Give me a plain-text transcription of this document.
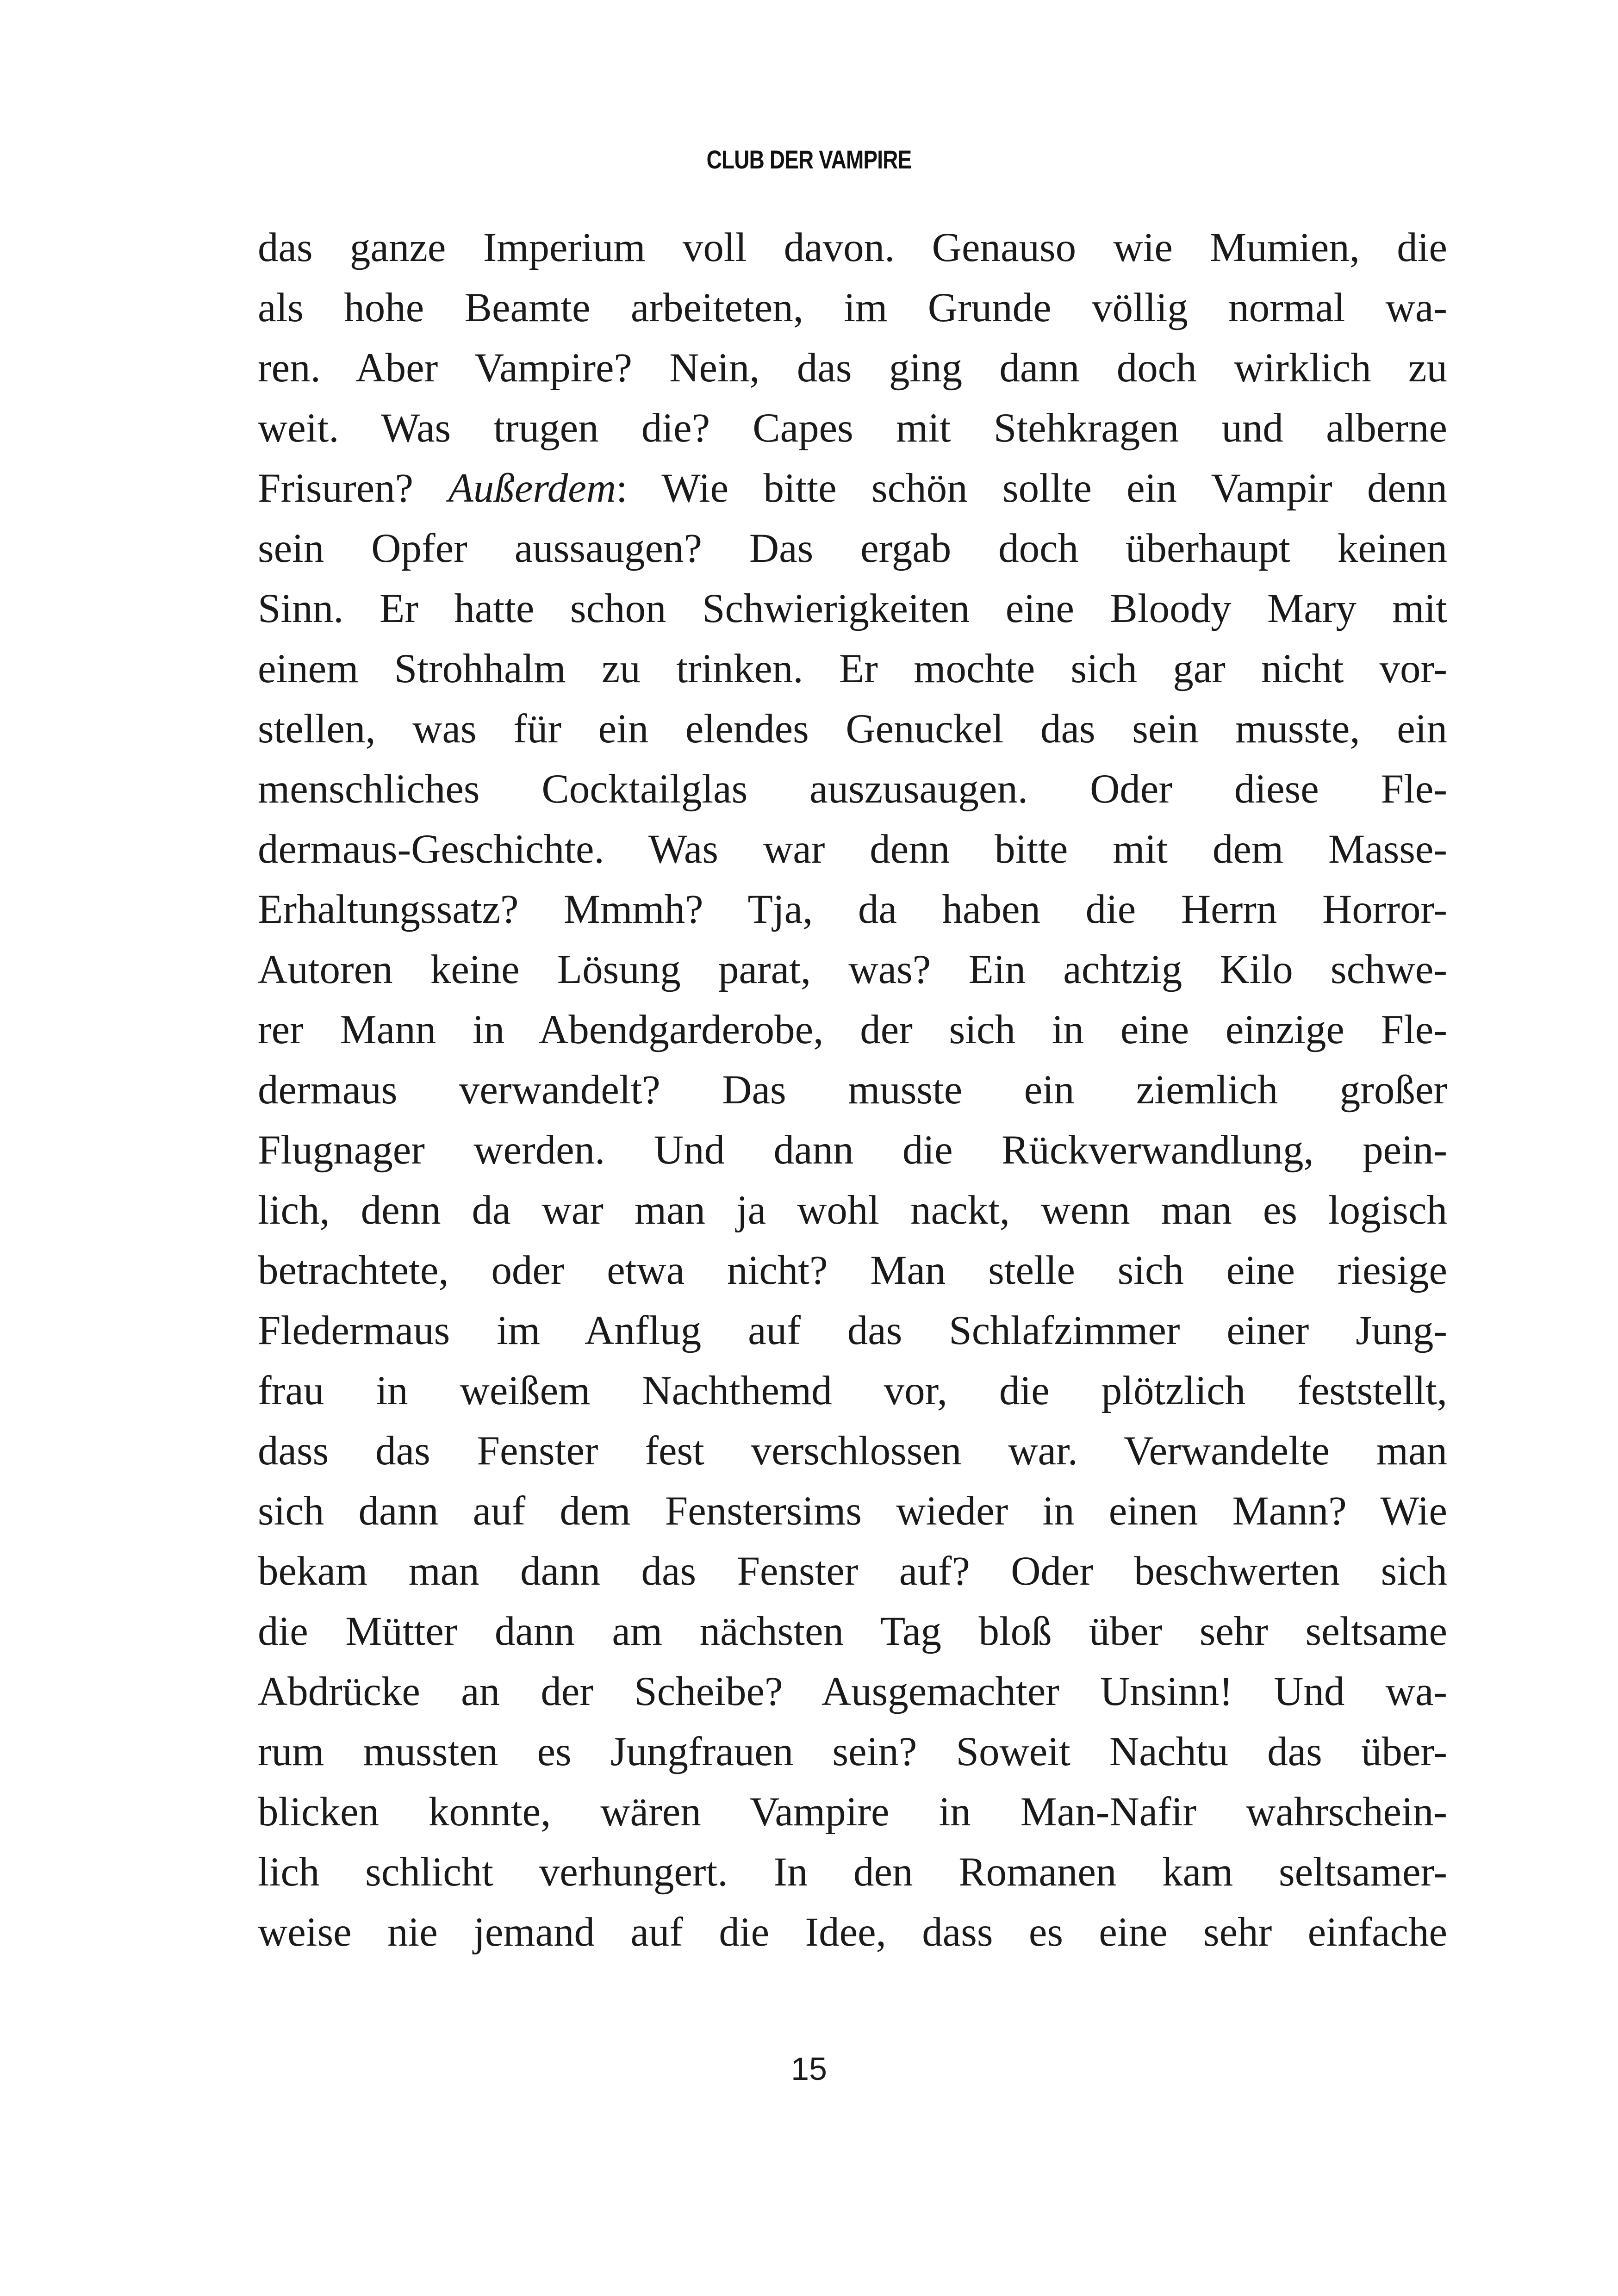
CLUB DER VAMPIRE
das ganze Imperium voll davon. Genauso wie Mumien, die
als hohe Beamte arbeiteten, im Grunde völlig normal wa-
ren. Aber Vampire? Nein, das ging dann doch wirklich zu
weit. Was trugen die? Capes mit Stehkragen und alberne
Frisuren? Außerdem: Wie bitte schön sollte ein Vampir denn
sein Opfer aussaugen? Das ergab doch überhaupt keinen
Sinn. Er hatte schon Schwierigkeiten eine Bloody Mary mit
einem Strohhalm zu trinken. Er mochte sich gar nicht vor-
stellen, was für ein elendes Genuckel das sein musste, ein
menschliches Cocktailglas auszusaugen. Oder diese Fle-
dermaus-Geschichte. Was war denn bitte mit dem Masse-
Erhaltungssatz? Mmmh? Tja, da haben die Herrn Horror-
Autoren keine Lösung parat, was? Ein achtzig Kilo schwe-
rer Mann in Abendgarderobe, der sich in eine einzige Fle-
dermaus verwandelt? Das musste ein ziemlich großer
Flugnager werden. Und dann die Rückverwandlung, pein-
lich, denn da war man ja wohl nackt, wenn man es logisch
betrachtete, oder etwa nicht? Man stelle sich eine riesige
Fledermaus im Anflug auf das Schlafzimmer einer Jung-
frau in weißem Nachthemd vor, die plötzlich feststellt,
dass das Fenster fest verschlossen war. Verwandelte man
sich dann auf dem Fenstersims wieder in einen Mann? Wie
bekam man dann das Fenster auf? Oder beschwerten sich
die Mütter dann am nächsten Tag bloß über sehr seltsame
Abdrücke an der Scheibe? Ausgemachter Unsinn! Und wa-
rum mussten es Jungfrauen sein? Soweit Nachtu das über-
blicken konnte, wären Vampire in Man-Nafir wahrschein-
lich schlicht verhungert. In den Romanen kam seltsamer-
weise nie jemand auf die Idee, dass es eine sehr einfache
15
